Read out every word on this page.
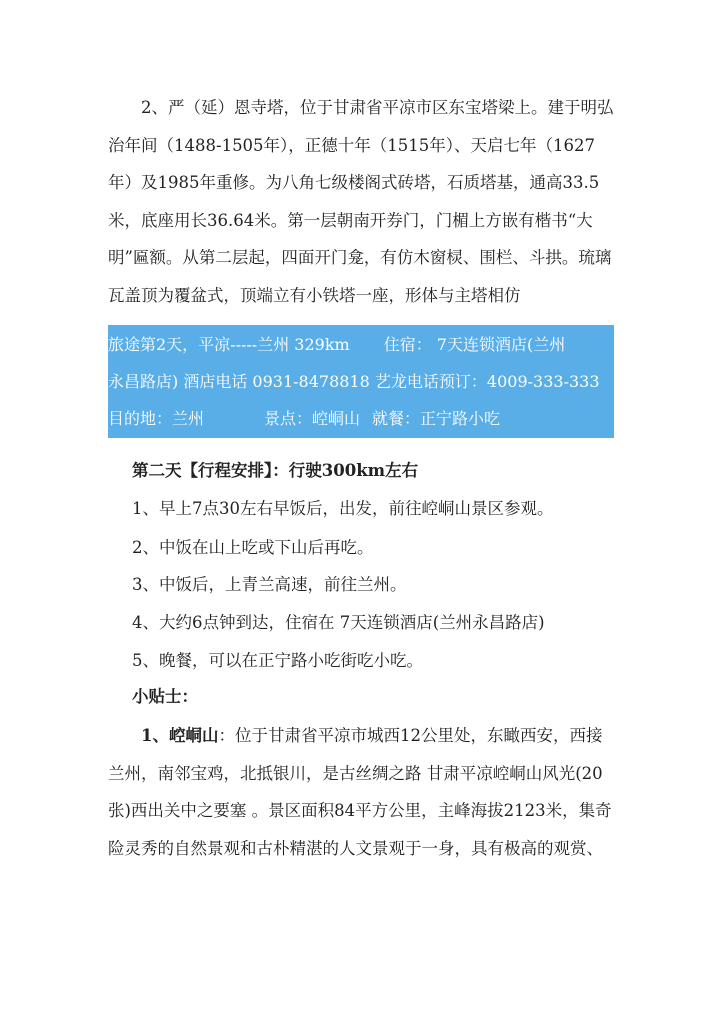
2、严（延）恩寺塔，位于甘肃省平凉市区东宝塔梁上。建于明弘治年间（1488-1505年），正德十年（1515年）、天启七年（1627年）及1985年重修。为八角七级楼阁式砖塔，石质塔基，通高33.5米，底座用长36.64米。第一层朝南开券门，门楣上方嵌有楷书“大明”匾额。从第二层起，四面开门龛，有仿木窗棂、围栏、斗拱。琉璃瓦盖顶为覆盆式，顶端立有小铁塔一座，形体与主塔相仿

旅途第2天，平凉-----兰州 329km 住宿： 7天连锁酒店(兰州
永昌路店) 酒店电话 0931-8478818 艺龙电话预订：4009-333-333
目的地：兰州	景点：崆峒山 就餐：正宁路小吃
第二天【行程安排】：行驶300km左右
1、早上7点30左右早饭后，出发，前往崆峒山景区参观。
2、中饭在山上吃或下山后再吃。
3、中饭后，上青兰高速，前往兰州。
4、大约6点钟到达，住宿在 7天连锁酒店(兰州永昌路店)
5、晚餐，可以在正宁路小吃街吃小吃。
小贴士：

1、崆峒山：位于甘肃省平凉市城西12公里处，东瞰西安，西接兰州，南邻宝鸡，北抵银川，是古丝绸之路 甘肃平凉崆峒山风光(20张)西出关中之要塞 。景区面积84平方公里，主峰海拔2123米，集奇险灵秀的自然景观和古朴精湛的人文景观于一身，具有极高的观赏、
